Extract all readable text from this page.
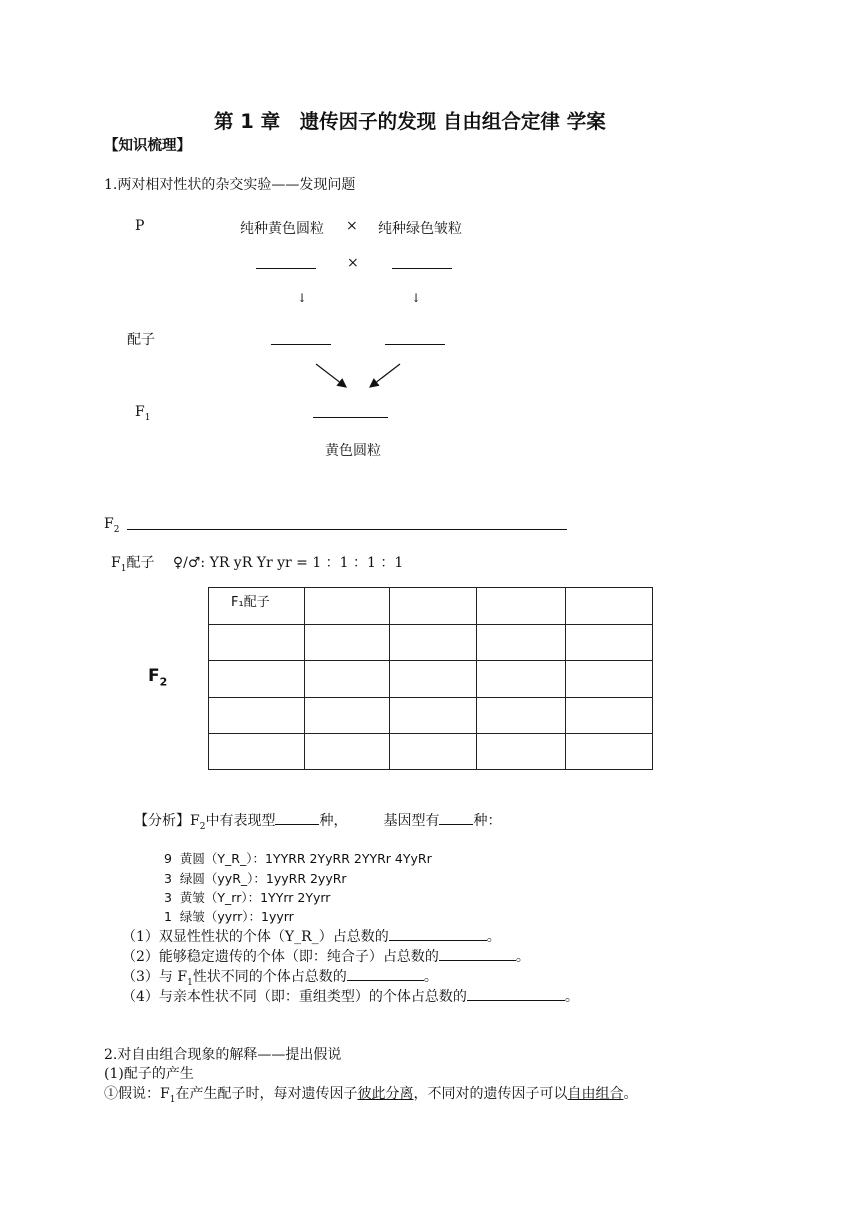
第 1 章　遗传因子的发现 自由组合定律 学案
【知识梳理】
1.两对相对性状的杂交实验——发现问题
P	纯种黄色圆粒 × 纯种绿色皱粒
×
↓	↓
配子
$F_1$
黄色圆粒
$F_2$
$F_1$配子 ♀/♂: YR yR Yr yr = 1 ：1 ：1 ：1
F₁配子				

$F_2$
【分析】$F_2$中有表现型	种，	基因型有 种：
9 黄圆（Y_R_）：1YYRR 2YyRR 2YYRr 4YyRr
3 绿圆（yyR_）：1yyRR 2yyRr
3 黄皱（Y_rr）：1YYrr 2Yyrr
1 绿皱（yyrr）：1yyrr
（1）双显性性状的个体（Y_R_）占总数的	。
（2）能够稳定遗传的个体（即：纯合子）占总数的	。
（3）与 $F_1$性状不同的个体占总数的	。
（4）与亲本性状不同（即：重组类型）的个体占总数的	。
2.对自由组合现象的解释——提出假说
(1)配子的产生
①假说：$F_1$在产生配子时，每对遗传因子彼此分离，不同对的遗传因子可以自由组合。
